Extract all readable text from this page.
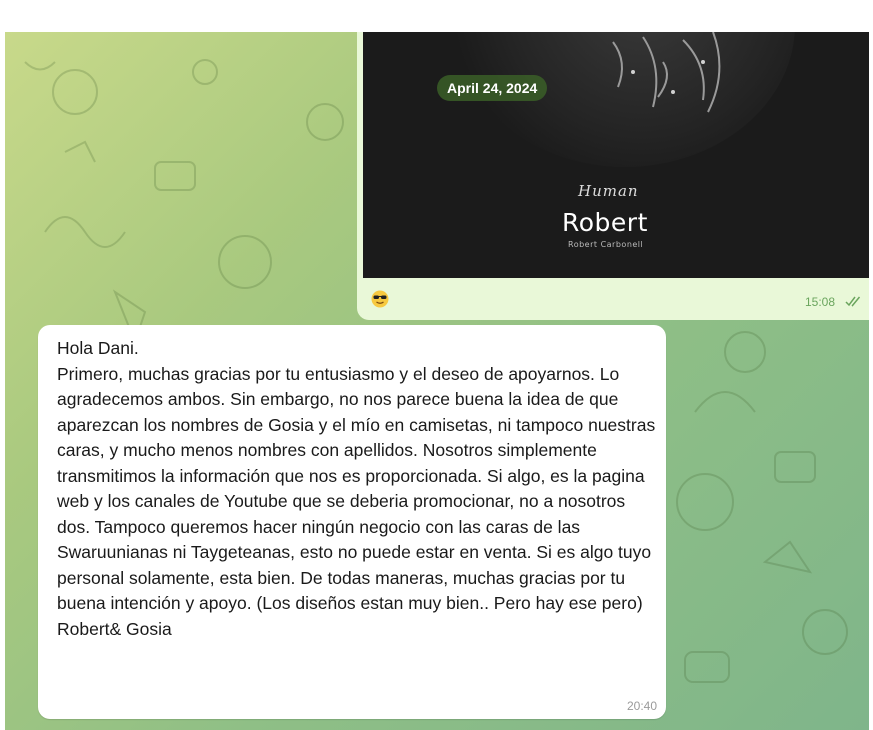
April 24, 2024
Human
Robert
Robert Carbonell
15:08

Hola Dani.
Primero, muchas gracias por tu entusiasmo y el deseo de apoyarnos. Lo agradecemos ambos. Sin embargo, no nos parece buena la idea de que aparezcan los nombres de Gosia y el mío en camisetas, ni tampoco nuestras caras, y mucho menos nombres con apellidos. Nosotros simplemente transmitimos la información que nos es proporcionada. Si algo, es la pagina web y los canales de Youtube que se deberia promocionar, no a nosotros dos. Tampoco queremos hacer ningún negocio con las caras de las Swaruunianas ni Taygeteanas, esto no puede estar en venta. Si es algo tuyo personal solamente, esta bien. De todas maneras, muchas gracias por tu buena intención y apoyo. (Los diseños estan muy bien.. Pero hay ese pero)
Robert& Gosia

20:40
